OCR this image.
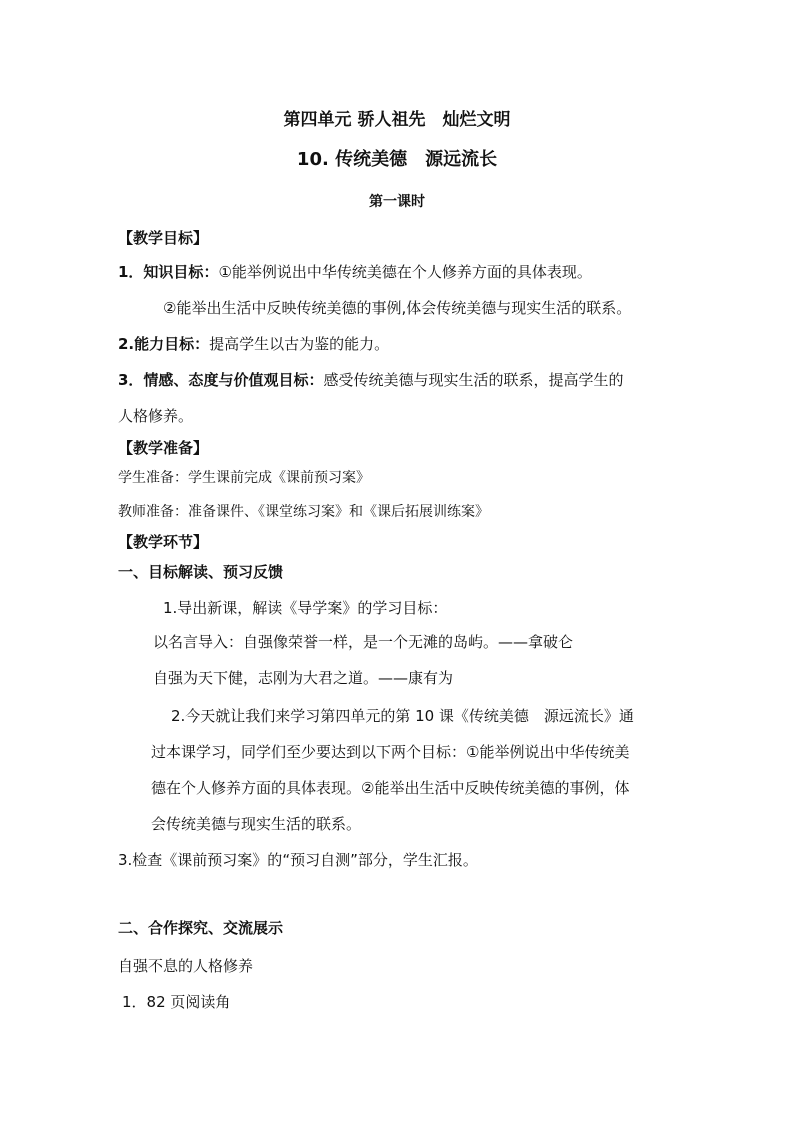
第四单元 骄人祖先　灿烂文明
10. 传统美德　源远流长
第一课时
【教学目标】
1．知识目标：①能举例说出中华传统美德在个人修养方面的具体表现。
②能举出生活中反映传统美德的事例,体会传统美德与现实生活的联系。
2.能力目标：提高学生以古为鉴的能力。
3．情感、态度与价值观目标：感受传统美德与现实生活的联系，提高学生的
人格修养。
【教学准备】
学生准备：学生课前完成《课前预习案》
教师准备：准备课件、《课堂练习案》和《课后拓展训练案》
【教学环节】
一、目标解读、预习反馈
1.导出新课，解读《导学案》的学习目标：
以名言导入：自强像荣誉一样，是一个无滩的岛屿。——拿破仑
自强为天下健，志刚为大君之道。——康有为
2.今天就让我们来学习第四单元的第 10 课《传统美德　源远流长》通
过本课学习，同学们至少要达到以下两个目标：①能举例说出中华传统美
德在个人修养方面的具体表现。②能举出生活中反映传统美德的事例，体
会传统美德与现实生活的联系。
3.检查《课前预习案》的“预习自测”部分，学生汇报。
二、合作探究、交流展示
自强不息的人格修养
1．82 页阅读角
